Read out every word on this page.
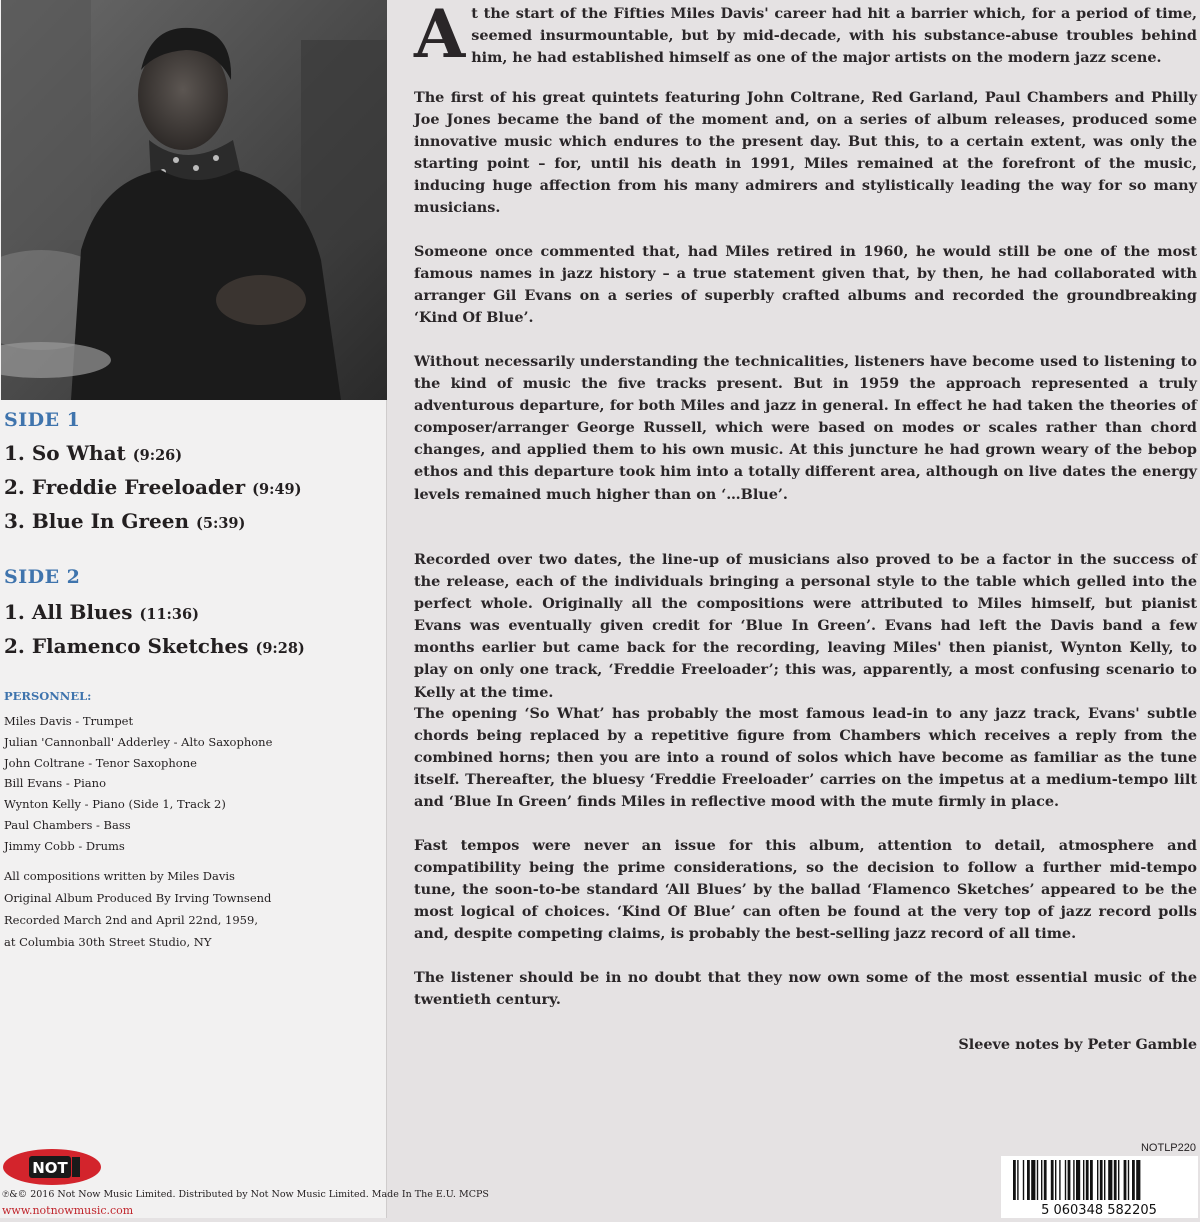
SIDE 1
1. So What (9:26)
2. Freddie Freeloader (9:49)
3. Blue In Green (5:39)
SIDE 2
1. All Blues (11:36)
2. Flamenco Sketches (9:28)
PERSONNEL:
Miles Davis - Trumpet
Julian 'Cannonball' Adderley - Alto Saxophone
John Coltrane - Tenor Saxophone
Bill Evans - Piano
Wynton Kelly - Piano (Side 1, Track 2)
Paul Chambers - Bass
Jimmy Cobb - Drums
All compositions written by Miles Davis
Original Album Produced By Irving Townsend
Recorded March 2nd and April 22nd, 1959,
at Columbia 30th Street Studio, NY
NOT
℗&© 2016 Not Now Music Limited. Distributed by Not Now Music Limited. Made In The E.U. MCPS
www.notnowmusic.com
At the start of the Fifties Miles Davis' career had hit a barrier which, for a period of time, seemed insurmountable, but by mid-decade, with his substance-abuse troubles behind him, he had established himself as one of the major artists on the modern jazz scene.
The first of his great quintets featuring John Coltrane, Red Garland, Paul Chambers and Philly Joe Jones became the band of the moment and, on a series of album releases, produced some innovative music which endures to the present day. But this, to a certain extent, was only the starting point – for, until his death in 1991, Miles remained at the forefront of the music, inducing huge affection from his many admirers and stylistically leading the way for so many musicians.
Someone once commented that, had Miles retired in 1960, he would still be one of the most famous names in jazz history – a true statement given that, by then, he had collaborated with arranger Gil Evans on a series of superbly crafted albums and recorded the groundbreaking ‘Kind Of Blue’.
Without necessarily understanding the technicalities, listeners have become used to listening to the kind of music the five tracks present. But in 1959 the approach represented a truly adventurous departure, for both Miles and jazz in general. In effect he had taken the theories of composer/arranger George Russell, which were based on modes or scales rather than chord changes, and applied them to his own music. At this juncture he had grown weary of the bebop ethos and this departure took him into a totally different area, although on live dates the energy levels remained much higher than on ‘…Blue’.
Recorded over two dates, the line-up of musicians also proved to be a factor in the success of the release, each of the individuals bringing a personal style to the table which gelled into the perfect whole. Originally all the compositions were attributed to Miles himself, but pianist Evans was eventually given credit for ‘Blue In Green’. Evans had left the Davis band a few months earlier but came back for the recording, leaving Miles' then pianist, Wynton Kelly, to play on only one track, ‘Freddie Freeloader’; this was, apparently, a most confusing scenario to Kelly at the time.
The opening ‘So What’ has probably the most famous lead-in to any jazz track, Evans' subtle chords being replaced by a repetitive figure from Chambers which receives a reply from the combined horns; then you are into a round of solos which have become as familiar as the tune itself. Thereafter, the bluesy ‘Freddie Freeloader’ carries on the impetus at a medium-tempo lilt and ‘Blue In Green’ finds Miles in reflective mood with the mute firmly in place.
Fast tempos were never an issue for this album, attention to detail, atmosphere and compatibility being the prime considerations, so the decision to follow a further mid-tempo tune, the soon-to-be standard ‘All Blues’ by the ballad ‘Flamenco Sketches’ appeared to be the most logical of choices. ‘Kind Of Blue’ can often be found at the very top of jazz record polls and, despite competing claims, is probably the best-selling jazz record of all time.
The listener should be in no doubt that they now own some of the most essential music of the twentieth century.
Sleeve notes by Peter Gamble
NOTLP220
5 060348 582205
